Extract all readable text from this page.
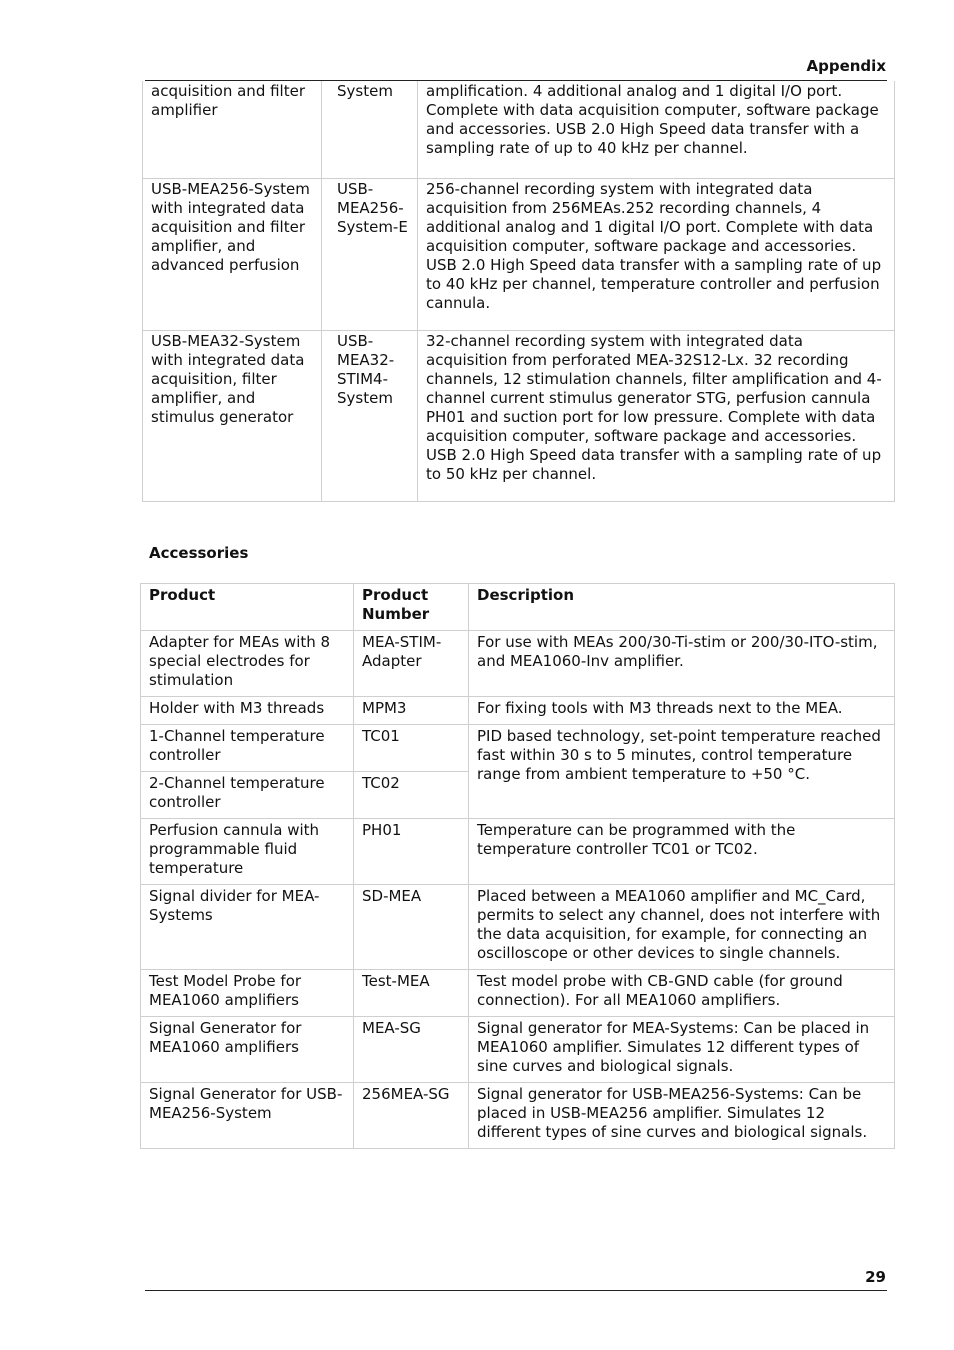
Appendix
acquisition and filter amplifier	System	amplification. 4 additional analog and 1 digital I/O port. Complete with data acquisition computer, software package and accessories. USB 2.0 High Speed data transfer with a sampling rate of up to 40 kHz per channel.
USB-MEA256-System with integrated data acquisition and filter amplifier, and advanced perfusion	USB-MEA256-System-E	256-channel recording system with integrated data acquisition from 256MEAs.252 recording channels, 4 additional analog and 1 digital I/O port. Complete with data acquisition computer, software package and accessories. USB 2.0 High Speed data transfer with a sampling rate of up to 40 kHz per channel, temperature controller and perfusion cannula.
USB-MEA32-System with integrated data acquisition, filter amplifier, and stimulus generator	USB-MEA32-STIM4-System	32-channel recording system with integrated data acquisition from perforated MEA-32S12-Lx. 32 recording channels, 12 stimulation channels, filter amplification and 4-channel current stimulus generator STG, perfusion cannula PH01 and suction port for low pressure. Complete with data acquisition computer, software package and accessories. USB 2.0 High Speed data transfer with a sampling rate of up to 50 kHz per channel.
Accessories
Product	Product Number	Description
Adapter for MEAs with 8 special electrodes for stimulation	MEA-STIM-Adapter	For use with MEAs 200/30-Ti-stim or 200/30-ITO-stim, and MEA1060-Inv amplifier.
Holder with M3 threads	MPM3	For fixing tools with M3 threads next to the MEA.
1-Channel temperature controller	TC01	PID based technology, set-point temperature reached fast within 30 s to 5 minutes, control temperature range from ambient temperature to +50 °C.
2-Channel temperature controller	TC02	
Perfusion cannula with programmable fluid temperature	PH01	Temperature can be programmed with the temperature controller TC01 or TC02.
Signal divider for MEA-Systems	SD-MEA	Placed between a MEA1060 amplifier and MC_Card, permits to select any channel, does not interfere with the data acquisition, for example, for connecting an oscilloscope or other devices to single channels.
Test Model Probe for MEA1060 amplifiers	Test-MEA	Test model probe with CB-GND cable (for ground connection). For all MEA1060 amplifiers.
Signal Generator for MEA1060 amplifiers	MEA-SG	Signal generator for MEA-Systems: Can be placed in MEA1060 amplifier. Simulates 12 different types of sine curves and biological signals.
Signal Generator for USB-MEA256-System	256MEA-SG	Signal generator for USB-MEA256-Systems: Can be placed in USB-MEA256 amplifier. Simulates 12 different types of sine curves and biological signals.
29
